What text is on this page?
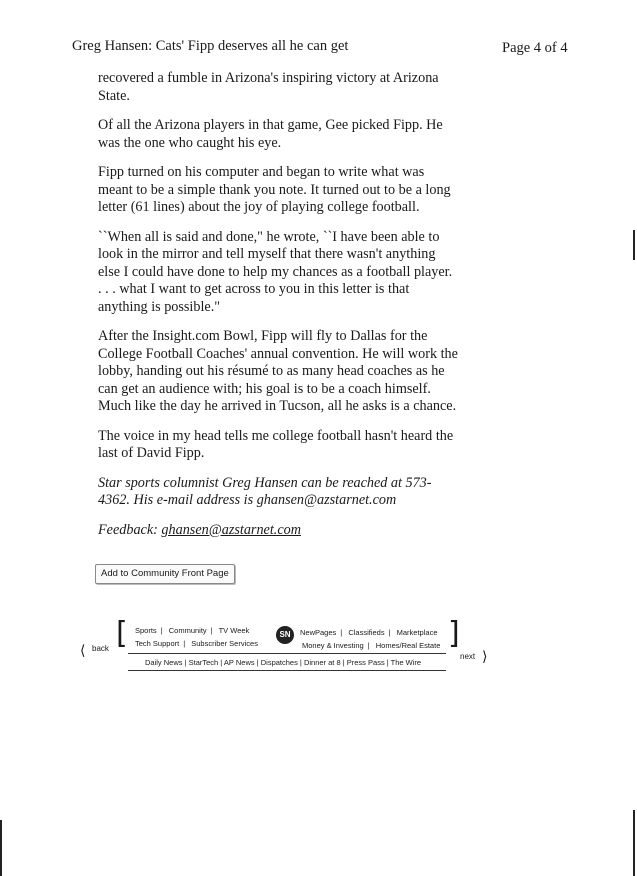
Greg Hansen: Cats' Fipp deserves all he can get	Page 4 of 4

recovered a fumble in Arizona's inspiring victory at Arizona State.

Of all the Arizona players in that game, Gee picked Fipp. He was the one who caught his eye.

Fipp turned on his computer and began to write what was meant to be a simple thank you note. It turned out to be a long letter (61 lines) about the joy of playing college football.

``When all is said and done," he wrote, ``I have been able to look in the mirror and tell myself that there wasn't anything else I could have done to help my chances as a football player. . . . what I want to get across to you in this letter is that anything is possible."

After the Insight.com Bowl, Fipp will fly to Dallas for the College Football Coaches' annual convention. He will work the lobby, handing out his résumé to as many head coaches as he can get an audience with; his goal is to be a coach himself. Much like the day he arrived in Tucson, all he asks is a chance.

The voice in my head tells me college football hasn't heard the last of David Fipp.

Star sports columnist Greg Hansen can be reached at 573-4362. His e-mail address is ghansen@azstarnet.com

Feedback: ghansen@azstarnet.com

Add to Community Front Page
⟨ back [ Sports | Community | TV Week
Tech Support | Subscriber Services
SN	NewPages | Classifieds | Marketplace
Money & Investing | Homes/Real Estate ]
Daily News | StarTech | AP News | Dispatches | Dinner at 8 | Press Pass | The Wire
next ⟩
